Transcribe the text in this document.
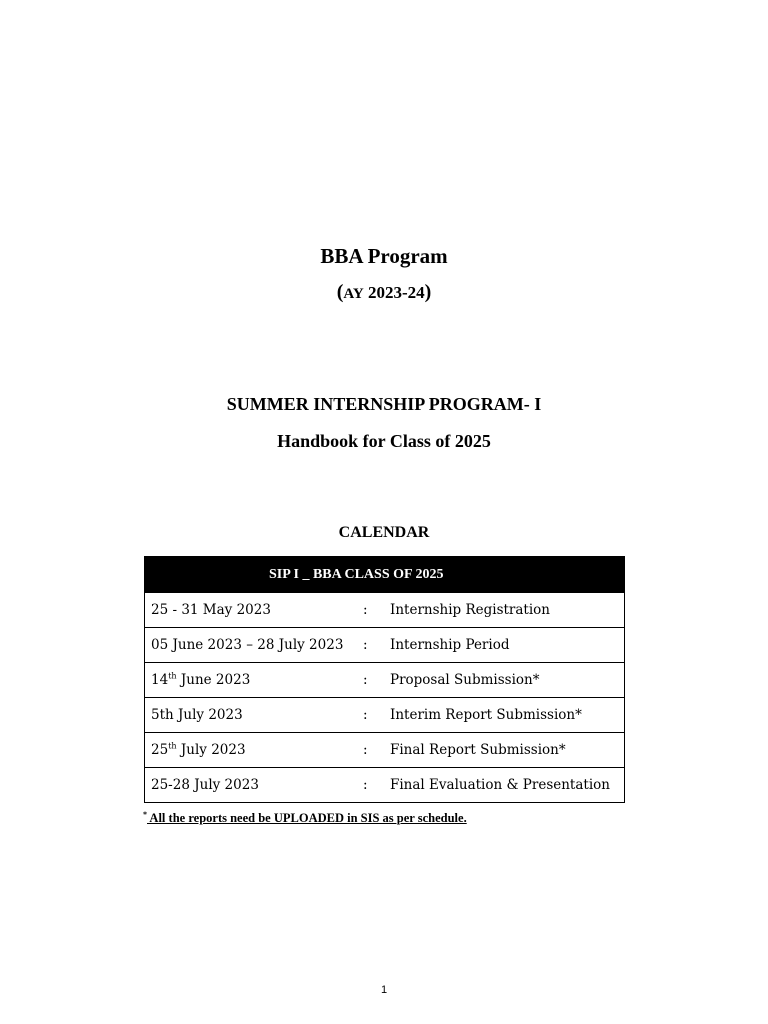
BBA Program
(AY 2023-24)
SUMMER INTERNSHIP PROGRAM- I
Handbook for Class of 2025
CALENDAR
SIP I _ BBA CLASS OF 2025		
25 - 31 May 2023	:	Internship Registration
05 June 2023 – 28 July 2023	:	Internship Period
14th June 2023	:	Proposal Submission*
5th July 2023	:	Interim Report Submission*
25th July 2023	:	Final Report Submission*
25-28 July 2023	:	Final Evaluation & Presentation

* All the reports need be UPLOADED in SIS as per schedule.

1
